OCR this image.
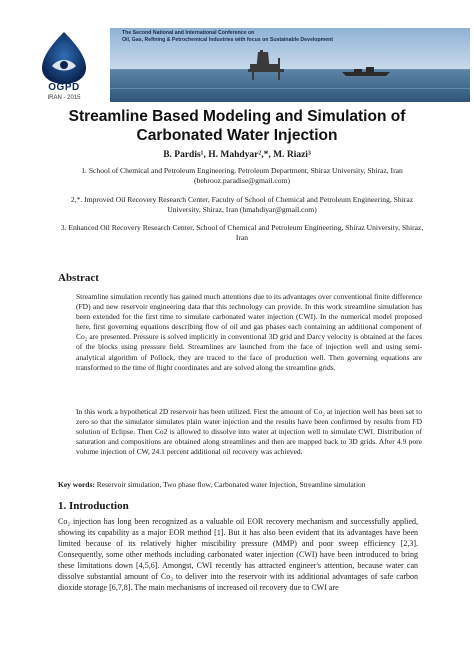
OGPD
IRAN - 2015
The Second National and International Conference on
Oil, Gas, Refining & Petrochemical Industries with focus on Sustainable Development
Streamline Based Modeling and Simulation of
Carbonated Water Injection
B. Pardis¹, H. Mahdyar²,*, M. Riazi³
1. School of Chemical and Petroleum Engineering, Petroleum Department, Shiraz University, Shiraz, Iran (behrooz.paradise@gmail.com)
2,*. Improved Oil Recovery Research Center, Faculty of School of Chemical and Petroleum Engineering, Shiraz University, Shiraz, Iran (hmahdiyar@gmail.com)
3. Enhanced Oil Recovery Research Center, School of Chemical and Petroleum Engineering, Shiraz University, Shiraz, Iran
Abstract
Streamline simulation recently has gained much attentions due to its advantages over conventional finite difference (FD) and new reservoir engineering data that this technology can provide. In this work streamline simulation has been extended for the first time to simulate carbonated water injection (CWI). In the numerical model proposed here, first governing equations describing flow of oil and gas phases each containing an additional component of Co₂ are presented. Pressure is solved implicitly in conventional 3D grid and Darcy velocity is obtained at the faces of the blocks using pressure field. Streamlines are launched from the face of injection well and using semi-analytical algorithm of Pollock, they are traced to the face of production well. Then governing equations are transformed to the time of flight coordinates and are solved along the streamline grids.
In this work a hypothetical 2D reservoir has been utilized. First the amount of Co₂ at injection well has been set to zero so that the simulator simulates plain water injection and the results have been confirmed by results from FD solution of Eclipse. Then Co2 is allowed to dissolve into water at injection well to simulate CWI. Distribution of saturation and compositions are obtained along streamlines and then are mapped back to 3D grids. After 4.9 pore volume injection of CW, 24.1 percent additional oil recovery was achieved.
Key words: Reservoir simulation, Two phase flow, Carbonated water Injection, Streamline simulation
1. Introduction
Co₂ injection has long been recognized as a valuable oil EOR recovery mechanism and successfully applied, showing its capability as a major EOR method [1]. But it has also been evident that its advantages have been limited because of its relatively higher miscibility pressure (MMP) and poor sweep efficiency [2,3]. Consequently, some other methods including carbonated water injection (CWI) have been introduced to bring these limitations down [4,5,6]. Amongst, CWI recently has attracted engineer's attention, because water can dissolve substantial amount of Co₂ to deliver into the reservoir with its additional advantages of safe carbon dioxide storage [6,7,8]. The main mechanisms of increased oil recovery due to CWI are
